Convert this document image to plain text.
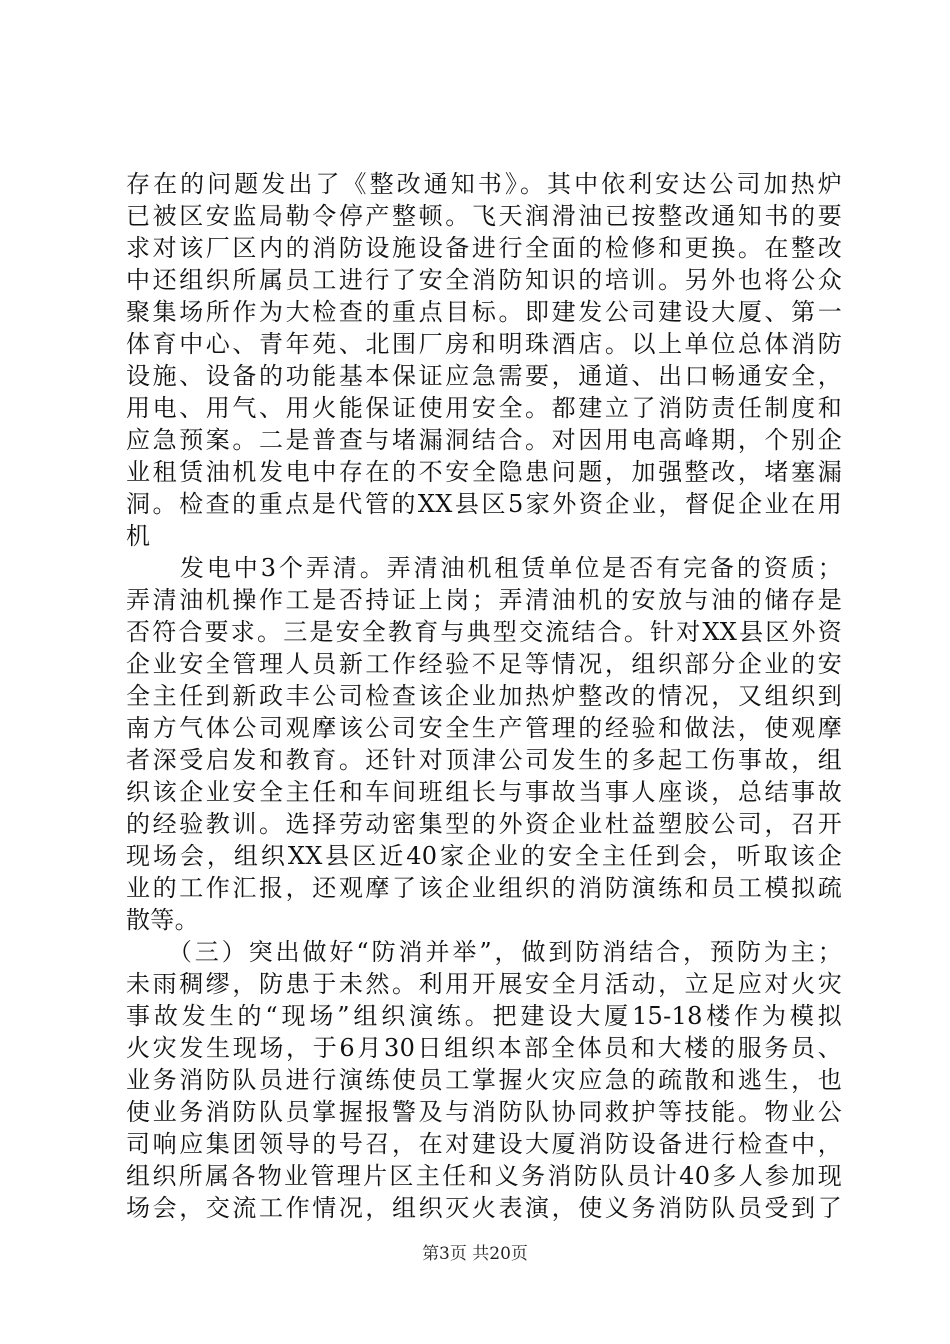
存在的问题发出了《整改通知书》。其中依利安达公司加热炉
已被区安监局勒令停产整顿。飞天润滑油已按整改通知书的要
求对该厂区内的消防设施设备进行全面的检修和更换。在整改
中还组织所属员工进行了安全消防知识的培训。另外也将公众
聚集场所作为大检查的重点目标。即建发公司建设大厦、第一
体育中心、青年苑、北围厂房和明珠酒店。以上单位总体消防
设施、设备的功能基本保证应急需要，通道、出口畅通安全，
用电、用气、用火能保证使用安全。都建立了消防责任制度和
应急预案。二是普查与堵漏洞结合。对因用电高峰期，个别企
业租赁油机发电中存在的不安全隐患问题，加强整改，堵塞漏
洞。检查的重点是代管的XX县区5家外资企业，督促企业在用
机
　　发电中3个弄清。弄清油机租赁单位是否有完备的资质；
弄清油机操作工是否持证上岗；弄清油机的安放与油的储存是
否符合要求。三是安全教育与典型交流结合。针对XX县区外资
企业安全管理人员新工作经验不足等情况，组织部分企业的安
全主任到新政丰公司检查该企业加热炉整改的情况，又组织到
南方气体公司观摩该公司安全生产管理的经验和做法，使观摩
者深受启发和教育。还针对顶津公司发生的多起工伤事故，组
织该企业安全主任和车间班组长与事故当事人座谈，总结事故
的经验教训。选择劳动密集型的外资企业杜益塑胶公司，召开
现场会，组织XX县区近40家企业的安全主任到会，听取该企
业的工作汇报，还观摩了该企业组织的消防演练和员工模拟疏
散等。
　　（三）突出做好“防消并举”，做到防消结合，预防为主；
未雨稠缪，防患于未然。利用开展安全月活动，立足应对火灾
事故发生的“现场”组织演练。把建设大厦15-18楼作为模拟
火灾发生现场，于6月30日组织本部全体员和大楼的服务员、
业务消防队员进行演练使员工掌握火灾应急的疏散和逃生，也
使业务消防队员掌握报警及与消防队协同救护等技能。物业公
司响应集团领导的号召，在对建设大厦消防设备进行检查中，
组织所属各物业管理片区主任和义务消防队员计40多人参加现
场会，交流工作情况，组织灭火表演，使义务消防队员受到了
第3页 共20页
